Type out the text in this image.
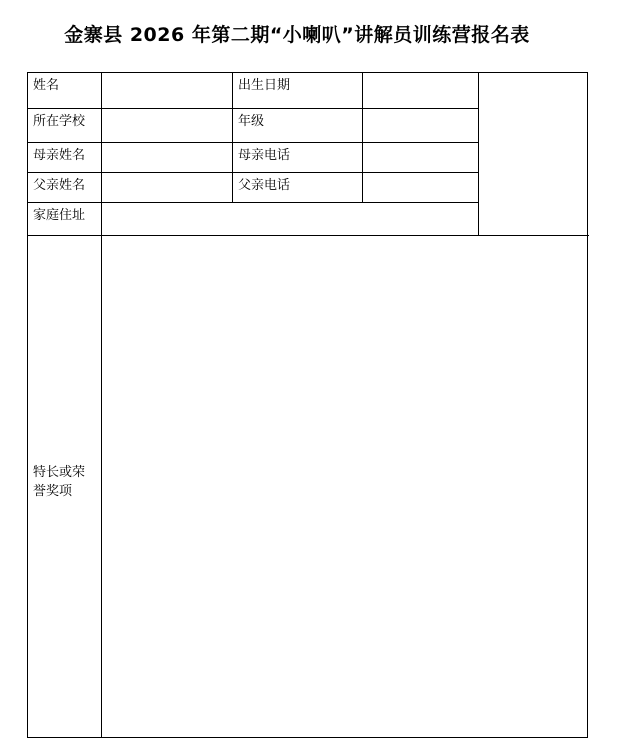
金寨县 2026 年第二期“小喇叭”讲解员训练营报名表
姓名	出生日期
所在学校	年级
母亲姓名	母亲电话
父亲姓名	父亲电话
家庭住址
特长或荣誉奖项
